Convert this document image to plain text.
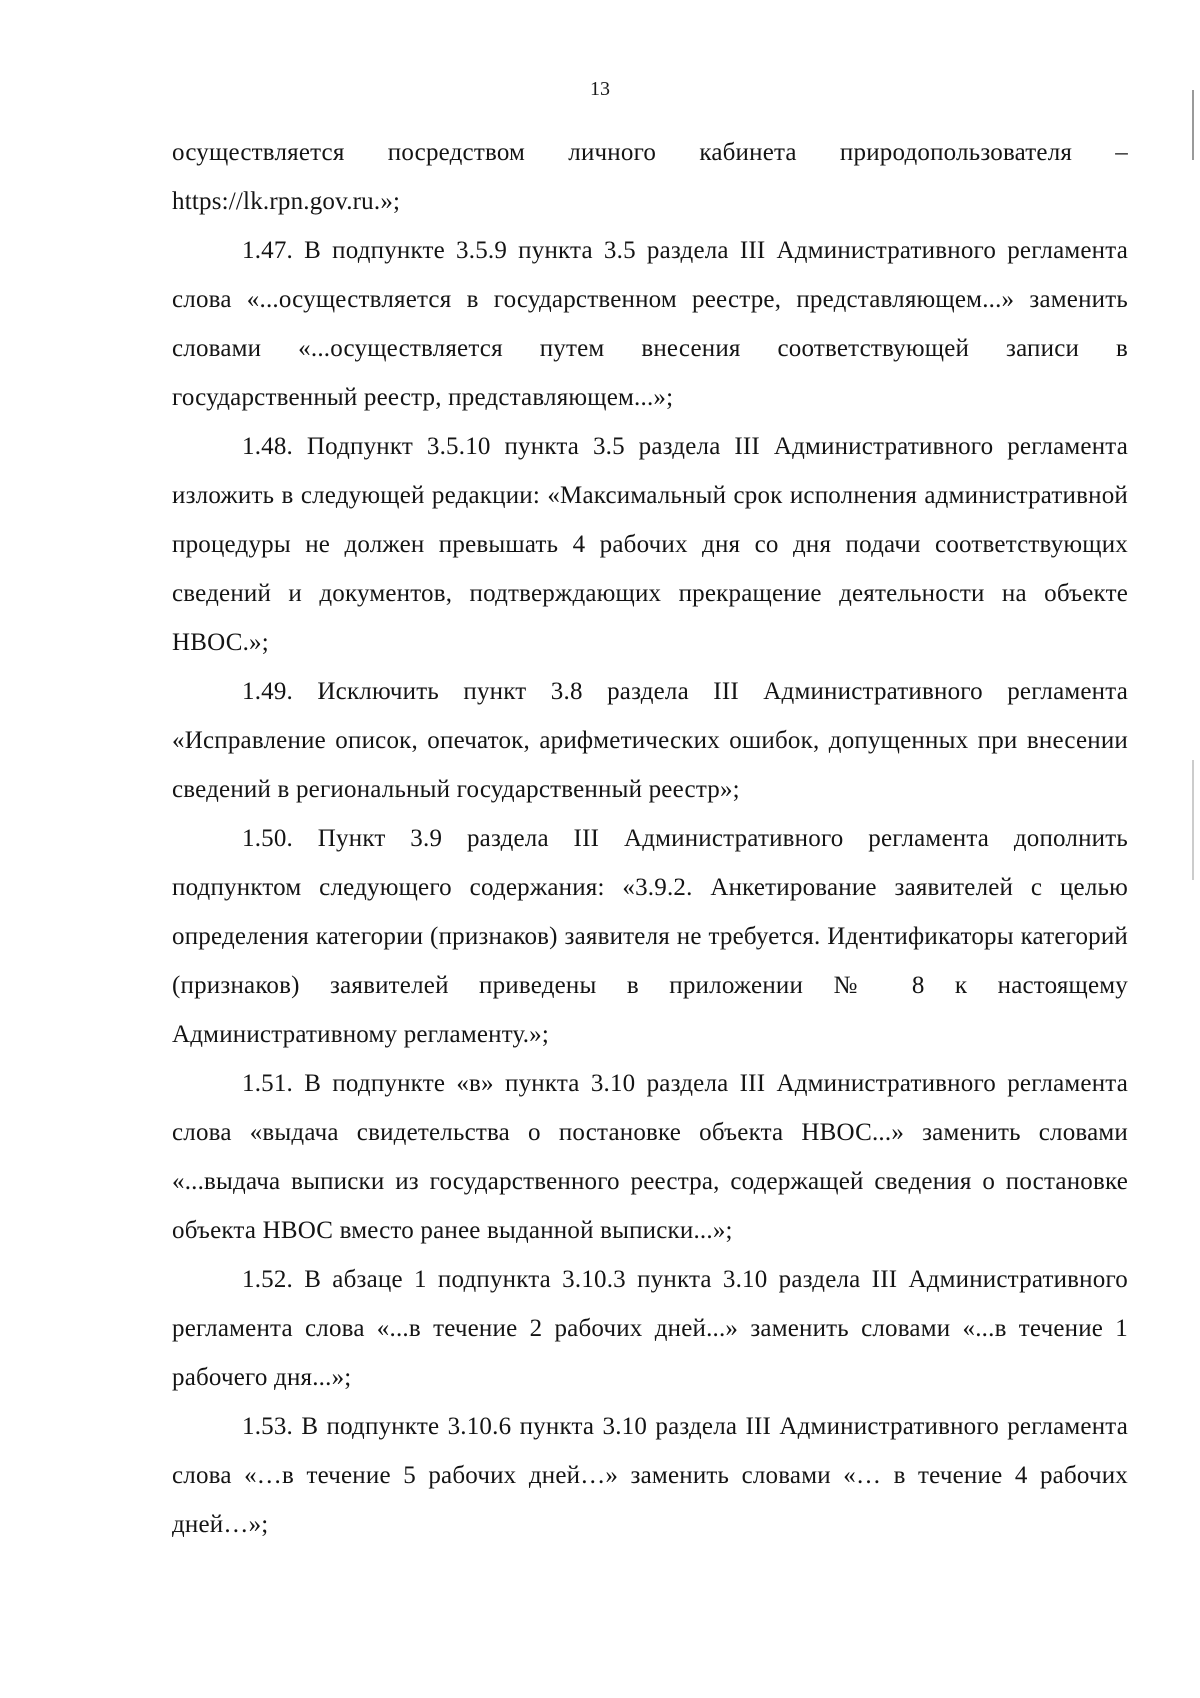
13

осуществляется посредством личного кабинета природопользователя – https://lk.rpn.gov.ru.»;

1.47. В подпункте 3.5.9 пункта 3.5 раздела III Административного регламента слова «...осуществляется в государственном реестре, представляющем...» заменить словами «...осуществляется путем внесения соответствующей записи в государственный реестр, представляющем...»;

1.48. Подпункт 3.5.10 пункта 3.5 раздела III Административного регламента изложить в следующей редакции: «Максимальный срок исполнения административной процедуры не должен превышать 4 рабочих дня со дня подачи соответствующих сведений и документов, подтверждающих прекращение деятельности на объекте НВОС.»;

1.49. Исключить пункт 3.8 раздела III Административного регламента «Исправление описок, опечаток, арифметических ошибок, допущенных при внесении сведений в региональный государственный реестр»;

1.50. Пункт 3.9 раздела III Административного регламента дополнить подпунктом следующего содержания: «3.9.2. Анкетирование заявителей с целью определения категории (признаков) заявителя не требуется. Идентификаторы категорий (признаков) заявителей приведены в приложении № 8 к настоящему Административному регламенту.»;

1.51. В подпункте «в» пункта 3.10 раздела III Административного регламента слова «выдача свидетельства о постановке объекта НВОС...» заменить словами «...выдача выписки из государственного реестра, содержащей сведения о постановке объекта НВОС вместо ранее выданной выписки...»;

1.52. В абзаце 1 подпункта 3.10.3 пункта 3.10 раздела III Административного регламента слова «...в течение 2 рабочих дней...» заменить словами «...в течение 1 рабочего дня...»;

1.53. В подпункте 3.10.6 пункта 3.10 раздела III Административного регламента слова «…в течение 5 рабочих дней…» заменить словами «… в течение 4 рабочих дней…»;
